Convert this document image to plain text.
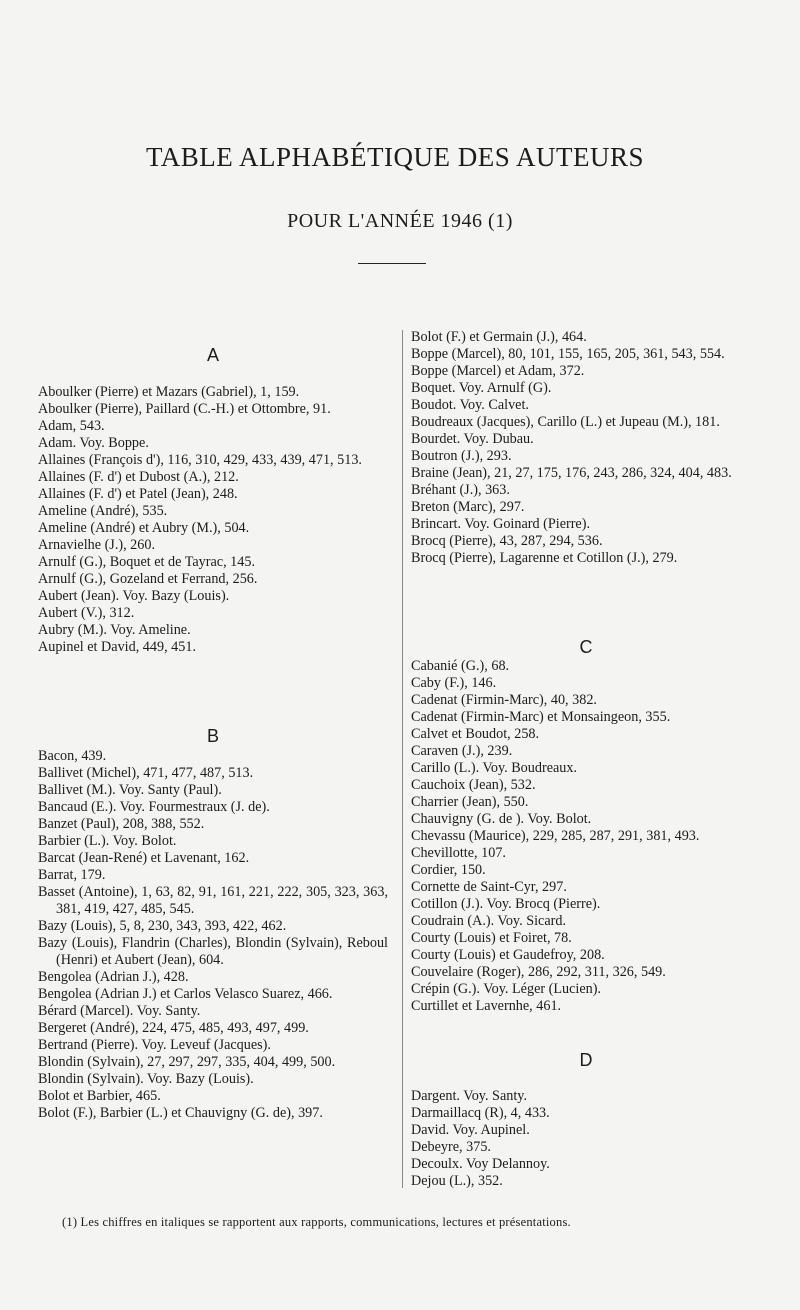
TABLE ALPHABÉTIQUE DES AUTEURS
POUR L'ANNÉE 1946 (1)
A

Aboulker (Pierre) et Mazars (Gabriel), 1, 159.

Aboulker (Pierre), Paillard (C.-H.) et Ottombre, 91.

Adam, 543.

Adam. Voy. Boppe.

Allaines (François d'), 116, 310, 429, 433, 439, 471, 513.

Allaines (F. d') et Dubost (A.), 212.

Allaines (F. d') et Patel (Jean), 248.

Ameline (André), 535.

Ameline (André) et Aubry (M.), 504.

Arnavielhe (J.), 260.

Arnulf (G.), Boquet et de Tayrac, 145.

Arnulf (G.), Gozeland et Ferrand, 256.

Aubert (Jean). Voy. Bazy (Louis).

Aubert (V.), 312.

Aubry (M.). Voy. Ameline.

Aupinel et David, 449, 451.

B

Bacon, 439.

Ballivet (Michel), 471, 477, 487, 513.

Ballivet (M.). Voy. Santy (Paul).

Bancaud (E.). Voy. Fourmestraux (J. de).

Banzet (Paul), 208, 388, 552.

Barbier (L.). Voy. Bolot.

Barcat (Jean-René) et Lavenant, 162.

Barrat, 179.

Basset (Antoine), 1, 63, 82, 91, 161, 221, 222, 305, 323, 363, 381, 419, 427, 485, 545.

Bazy (Louis), 5, 8, 230, 343, 393, 422, 462.

Bazy (Louis), Flandrin (Charles), Blondin (Sylvain), Reboul (Henri) et Aubert (Jean), 604.

Bengolea (Adrian J.), 428.

Bengolea (Adrian J.) et Carlos Velasco Suarez, 466.

Bérard (Marcel). Voy. Santy.

Bergeret (André), 224, 475, 485, 493, 497, 499.

Bertrand (Pierre). Voy. Leveuf (Jacques).

Blondin (Sylvain), 27, 297, 297, 335, 404, 499, 500.

Blondin (Sylvain). Voy. Bazy (Louis).

Bolot et Barbier, 465.

Bolot (F.), Barbier (L.) et Chauvigny (G. de), 397.

Bolot (F.) et Germain (J.), 464.

Boppe (Marcel), 80, 101, 155, 165, 205, 361, 543, 554.

Boppe (Marcel) et Adam, 372.

Boquet. Voy. Arnulf (G).

Boudot. Voy. Calvet.

Boudreaux (Jacques), Carillo (L.) et Jupeau (M.), 181.

Bourdet. Voy. Dubau.

Boutron (J.), 293.

Braine (Jean), 21, 27, 175, 176, 243, 286, 324, 404, 483.

Bréhant (J.), 363.

Breton (Marc), 297.

Brincart. Voy. Goinard (Pierre).

Brocq (Pierre), 43, 287, 294, 536.

Brocq (Pierre), Lagarenne et Cotillon (J.), 279.

C

Cabanié (G.), 68.

Caby (F.), 146.

Cadenat (Firmin-Marc), 40, 382.

Cadenat (Firmin-Marc) et Monsaingeon, 355.

Calvet et Boudot, 258.

Caraven (J.), 239.

Carillo (L.). Voy. Boudreaux.

Cauchoix (Jean), 532.

Charrier (Jean), 550.

Chauvigny (G. de ). Voy. Bolot.

Chevassu (Maurice), 229, 285, 287, 291, 381, 493.

Chevillotte, 107.

Cordier, 150.

Cornette de Saint-Cyr, 297.

Cotillon (J.). Voy. Brocq (Pierre).

Coudrain (A.). Voy. Sicard.

Courty (Louis) et Foiret, 78.

Courty (Louis) et Gaudefroy, 208.

Couvelaire (Roger), 286, 292, 311, 326, 549.

Crépin (G.). Voy. Léger (Lucien).

Curtillet et Lavernhe, 461.

D

Dargent. Voy. Santy.

Darmaillacq (R), 4, 433.

David. Voy. Aupinel.

Debeyre, 375.

Decoulx. Voy Delannoy.

Dejou (L.), 352.

(1) Les chiffres en italiques se rapportent aux rapports, communications, lectures et présentations.
